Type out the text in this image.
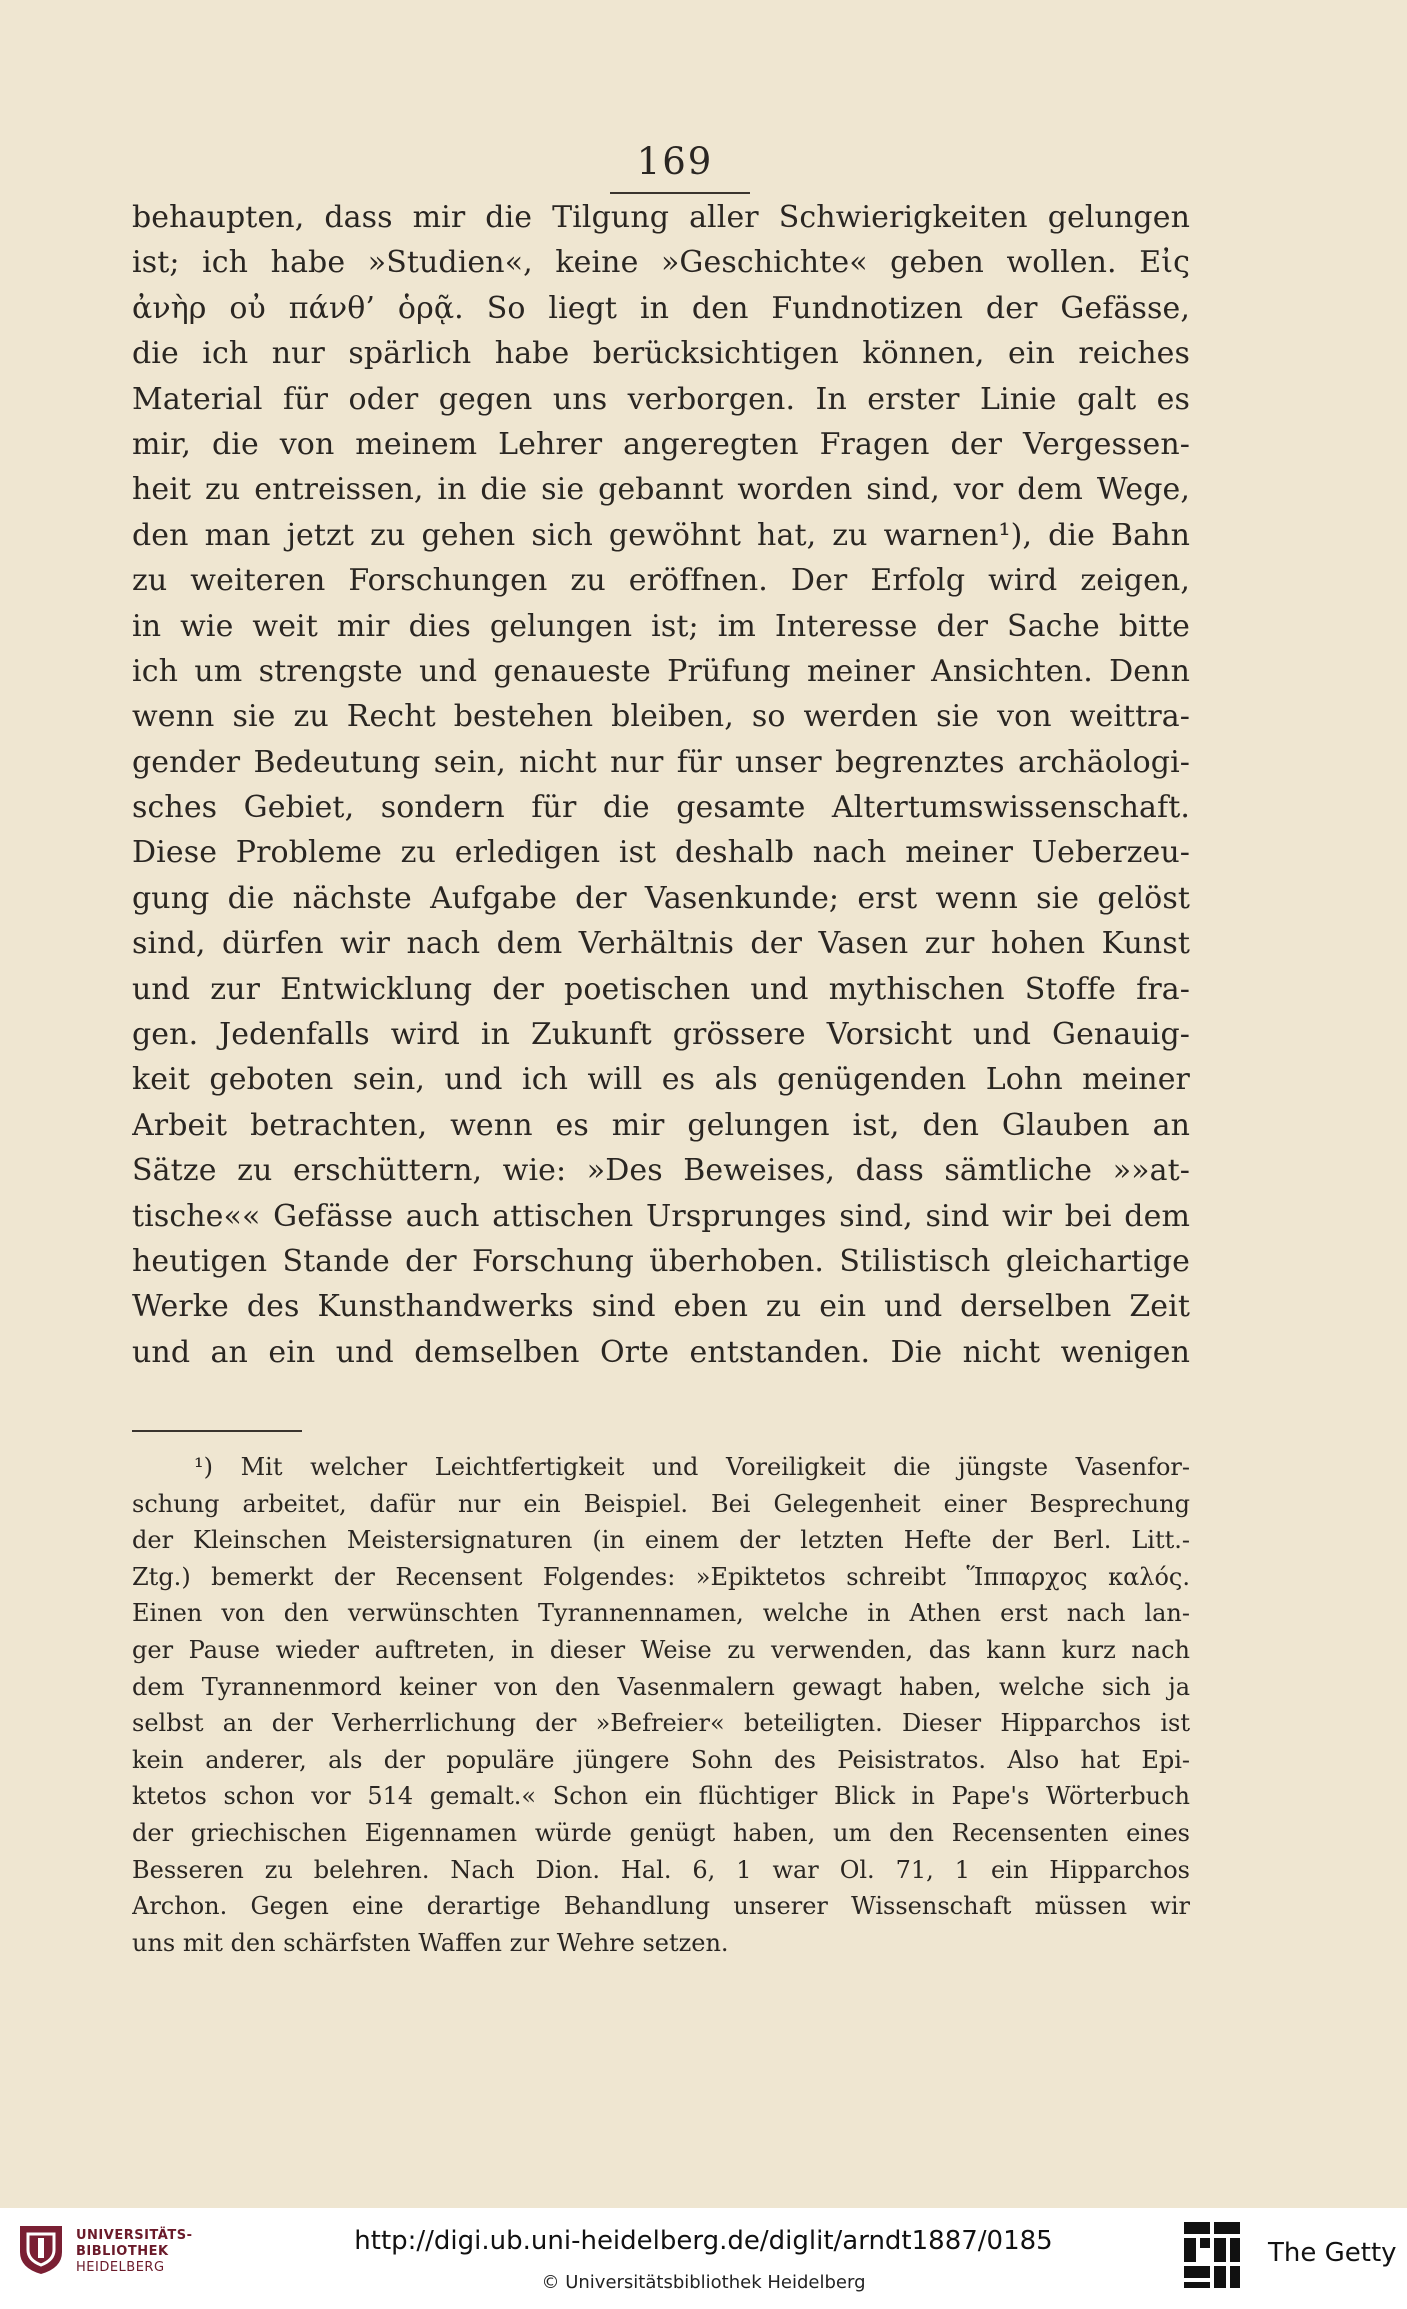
169
behaupten, dass mir die Tilgung aller Schwierigkeiten gelungen
ist; ich habe »Studien«, keine »Geschichte« geben wollen. Εἰς
ἀνὴρ οὐ πάνθ’ ὁρᾷ. So liegt in den Fundnotizen der Gefässe,
die ich nur spärlich habe berücksichtigen können, ein reiches
Material für oder gegen uns verborgen. In erster Linie galt es
mir, die von meinem Lehrer angeregten Fragen der Vergessen-
heit zu entreissen, in die sie gebannt worden sind, vor dem Wege,
den man jetzt zu gehen sich gewöhnt hat, zu warnen¹), die Bahn
zu weiteren Forschungen zu eröffnen. Der Erfolg wird zeigen,
in wie weit mir dies gelungen ist; im Interesse der Sache bitte
ich um strengste und genaueste Prüfung meiner Ansichten. Denn
wenn sie zu Recht bestehen bleiben, so werden sie von weittra-
gender Bedeutung sein, nicht nur für unser begrenztes archäologi-
sches Gebiet, sondern für die gesamte Altertumswissenschaft.
Diese Probleme zu erledigen ist deshalb nach meiner Ueberzeu-
gung die nächste Aufgabe der Vasenkunde; erst wenn sie gelöst
sind, dürfen wir nach dem Verhältnis der Vasen zur hohen Kunst
und zur Entwicklung der poetischen und mythischen Stoffe fra-
gen. Jedenfalls wird in Zukunft grössere Vorsicht und Genauig-
keit geboten sein, und ich will es als genügenden Lohn meiner
Arbeit betrachten, wenn es mir gelungen ist, den Glauben an
Sätze zu erschüttern, wie: »Des Beweises, dass sämtliche »»at-
tische«« Gefässe auch attischen Ursprunges sind, sind wir bei dem
heutigen Stande der Forschung überhoben. Stilistisch gleichartige
Werke des Kunsthandwerks sind eben zu ein und derselben Zeit
und an ein und demselben Orte entstanden. Die nicht wenigen
¹) Mit welcher Leichtfertigkeit und Voreiligkeit die jüngste Vasenfor-
schung arbeitet, dafür nur ein Beispiel. Bei Gelegenheit einer Besprechung
der Kleinschen Meistersignaturen (in einem der letzten Hefte der Berl. Litt.-
Ztg.) bemerkt der Recensent Folgendes: »Epiktetos schreibt Ἵππαρχος καλός.
Einen von den verwünschten Tyrannennamen, welche in Athen erst nach lan-
ger Pause wieder auftreten, in dieser Weise zu verwenden, das kann kurz nach
dem Tyrannenmord keiner von den Vasenmalern gewagt haben, welche sich ja
selbst an der Verherrlichung der »Befreier« beteiligten. Dieser Hipparchos ist
kein anderer, als der populäre jüngere Sohn des Peisistratos. Also hat Epi-
ktetos schon vor 514 gemalt.« Schon ein flüchtiger Blick in Pape's Wörterbuch
der griechischen Eigennamen würde genügt haben, um den Recensenten eines
Besseren zu belehren. Nach Dion. Hal. 6, 1 war Ol. 71, 1 ein Hipparchos
Archon. Gegen eine derartige Behandlung unserer Wissenschaft müssen wir
uns mit den schärfsten Waffen zur Wehre setzen.
UNIVERSITÄTS-
BIBLIOTHEK
HEIDELBERG
http://digi.ub.uni-heidelberg.de/diglit/arndt1887/0185
© Universitätsbibliothek Heidelberg
The Getty
